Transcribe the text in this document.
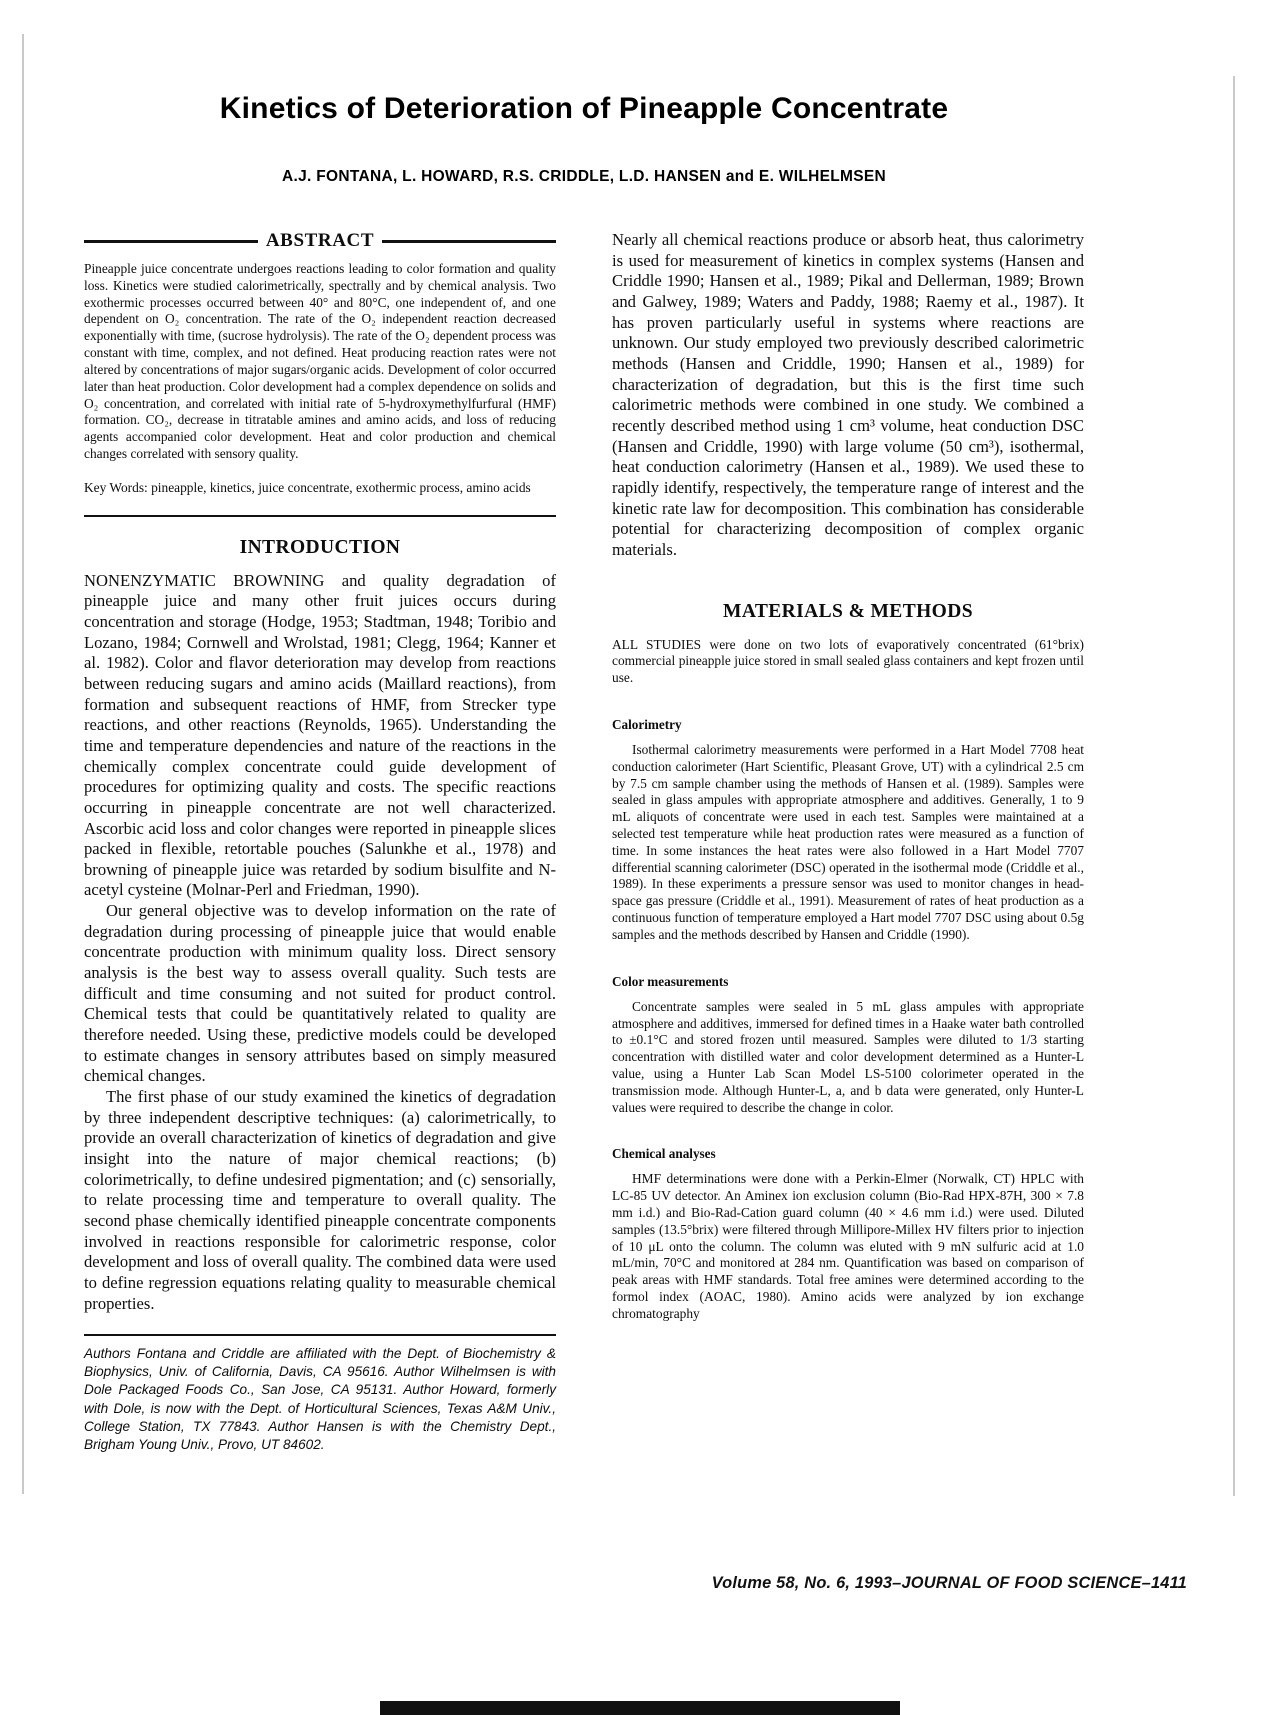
Kinetics of Deterioration of Pineapple Concentrate
A.J. FONTANA, L. HOWARD, R.S. CRIDDLE, L.D. HANSEN and E. WILHELMSEN
ABSTRACT

Pineapple juice concentrate undergoes reactions leading to color formation and quality loss. Kinetics were studied calorimetrically, spectrally and by chemical analysis. Two exothermic processes occurred between 40° and 80°C, one independent of, and one dependent on O₂ concentration. The rate of the O₂ independent reaction decreased exponentially with time, (sucrose hydrolysis). The rate of the O₂ dependent process was constant with time, complex, and not defined. Heat producing reaction rates were not altered by concentrations of major sugars/organic acids. Development of color occurred later than heat production. Color development had a complex dependence on solids and O₂ concentration, and correlated with initial rate of 5-hydroxymethylfurfural (HMF) formation. CO₂, decrease in titratable amines and amino acids, and loss of reducing agents accompanied color development. Heat and color production and chemical changes correlated with sensory quality.

Key Words: pineapple, kinetics, juice concentrate, exothermic process, amino acids
INTRODUCTION

NONENZYMATIC BROWNING and quality degradation of pineapple juice and many other fruit juices occurs during concentration and storage (Hodge, 1953; Stadtman, 1948; Toribio and Lozano, 1984; Cornwell and Wrolstad, 1981; Clegg, 1964; Kanner et al. 1982). Color and flavor deterioration may develop from reactions between reducing sugars and amino acids (Maillard reactions), from formation and subsequent reactions of HMF, from Strecker type reactions, and other reactions (Reynolds, 1965). Understanding the time and temperature dependencies and nature of the reactions in the chemically complex concentrate could guide development of procedures for optimizing quality and costs. The specific reactions occurring in pineapple concentrate are not well characterized. Ascorbic acid loss and color changes were reported in pineapple slices packed in flexible, retortable pouches (Salunkhe et al., 1978) and browning of pineapple juice was retarded by sodium bisulfite and N-acetyl cysteine (Molnar-Perl and Friedman, 1990).

Our general objective was to develop information on the rate of degradation during processing of pineapple juice that would enable concentrate production with minimum quality loss. Direct sensory analysis is the best way to assess overall quality. Such tests are difficult and time consuming and not suited for product control. Chemical tests that could be quantitatively related to quality are therefore needed. Using these, predictive models could be developed to estimate changes in sensory attributes based on simply measured chemical changes.

The first phase of our study examined the kinetics of degradation by three independent descriptive techniques: (a) calorimetrically, to provide an overall characterization of kinetics of degradation and give insight into the nature of major chemical reactions; (b) colorimetrically, to define undesired pigmentation; and (c) sensorially, to relate processing time and temperature to overall quality. The second phase chemically identified pineapple concentrate components involved in reactions responsible for calorimetric response, color development and loss of overall quality. The combined data were used to define regression equations relating quality to measurable chemical properties.

Authors Fontana and Criddle are affiliated with the Dept. of Biochemistry & Biophysics, Univ. of California, Davis, CA 95616. Author Wilhelmsen is with Dole Packaged Foods Co., San Jose, CA 95131. Author Howard, formerly with Dole, is now with the Dept. of Horticultural Sciences, Texas A&M Univ., College Station, TX 77843. Author Hansen is with the Chemistry Dept., Brigham Young Univ., Provo, UT 84602.

Nearly all chemical reactions produce or absorb heat, thus calorimetry is used for measurement of kinetics in complex systems (Hansen and Criddle 1990; Hansen et al., 1989; Pikal and Dellerman, 1989; Brown and Galwey, 1989; Waters and Paddy, 1988; Raemy et al., 1987). It has proven particularly useful in systems where reactions are unknown. Our study employed two previously described calorimetric methods (Hansen and Criddle, 1990; Hansen et al., 1989) for characterization of degradation, but this is the first time such calorimetric methods were combined in one study. We combined a recently described method using 1 cm³ volume, heat conduction DSC (Hansen and Criddle, 1990) with large volume (50 cm³), isothermal, heat conduction calorimetry (Hansen et al., 1989). We used these to rapidly identify, respectively, the temperature range of interest and the kinetic rate law for decomposition. This combination has considerable potential for characterizing decomposition of complex organic materials.

MATERIALS & METHODS

ALL STUDIES were done on two lots of evaporatively concentrated (61°brix) commercial pineapple juice stored in small sealed glass containers and kept frozen until use.

Calorimetry

Isothermal calorimetry measurements were performed in a Hart Model 7708 heat conduction calorimeter (Hart Scientific, Pleasant Grove, UT) with a cylindrical 2.5 cm by 7.5 cm sample chamber using the methods of Hansen et al. (1989). Samples were sealed in glass ampules with appropriate atmosphere and additives. Generally, 1 to 9 mL aliquots of concentrate were used in each test. Samples were maintained at a selected test temperature while heat production rates were measured as a function of time. In some instances the heat rates were also followed in a Hart Model 7707 differential scanning calorimeter (DSC) operated in the isothermal mode (Criddle et al., 1989). In these experiments a pressure sensor was used to monitor changes in head-space gas pressure (Criddle et al., 1991). Measurement of rates of heat production as a continuous function of temperature employed a Hart model 7707 DSC using about 0.5g samples and the methods described by Hansen and Criddle (1990).

Color measurements

Concentrate samples were sealed in 5 mL glass ampules with appropriate atmosphere and additives, immersed for defined times in a Haake water bath controlled to ±0.1°C and stored frozen until measured. Samples were diluted to 1/3 starting concentration with distilled water and color development determined as a Hunter-L value, using a Hunter Lab Scan Model LS-5100 colorimeter operated in the transmission mode. Although Hunter-L, a, and b data were generated, only Hunter-L values were required to describe the change in color.

Chemical analyses

HMF determinations were done with a Perkin-Elmer (Norwalk, CT) HPLC with LC-85 UV detector. An Aminex ion exclusion column (Bio-Rad HPX-87H, 300 × 7.8 mm i.d.) and Bio-Rad-Cation guard column (40 × 4.6 mm i.d.) were used. Diluted samples (13.5°brix) were filtered through Millipore-Millex HV filters prior to injection of 10 μL onto the column. The column was eluted with 9 mN sulfuric acid at 1.0 mL/min, 70°C and monitored at 284 nm. Quantification was based on comparison of peak areas with HMF standards. Total free amines were determined according to the formol index (AOAC, 1980). Amino acids were analyzed by ion exchange chromatography

Volume 58, No. 6, 1993–JOURNAL OF FOOD SCIENCE–1411
